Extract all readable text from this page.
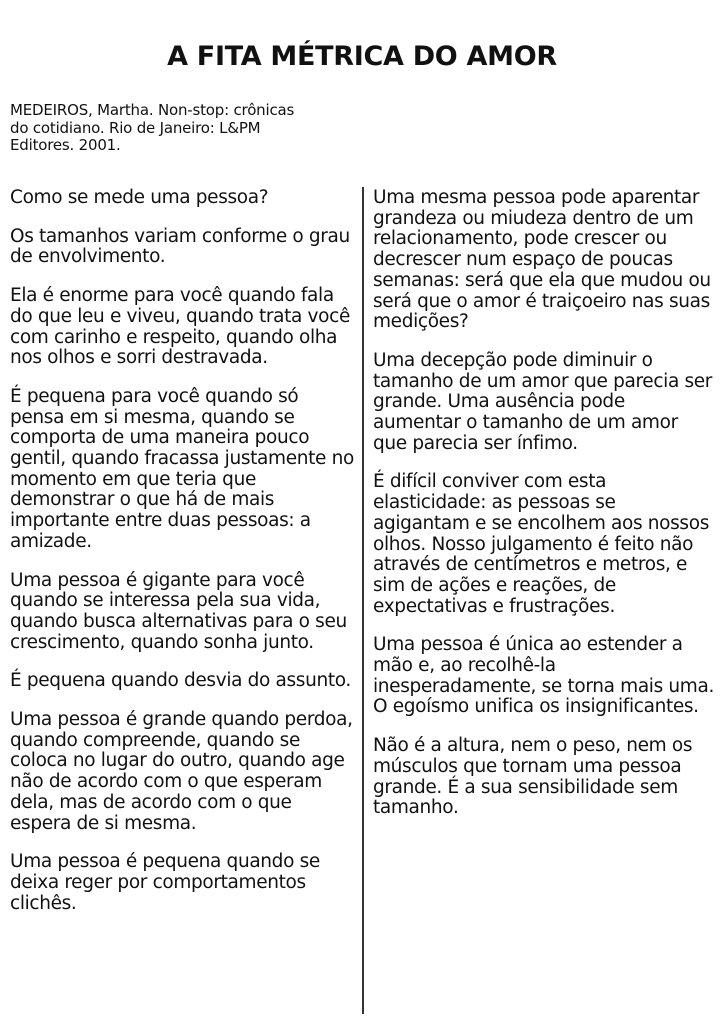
A FITA MÉTRICA DO AMOR

MEDEIROS, Martha. Non-stop: crônicas do cotidiano. Rio de Janeiro: L&PM Editores. 2001.

Como se mede uma pessoa?

Os tamanhos variam conforme o grau de envolvimento.

Ela é enorme para você quando fala do que leu e viveu, quando trata você com carinho e respeito, quando olha nos olhos e sorri destravada.

É pequena para você quando só pensa em si mesma, quando se comporta de uma maneira pouco gentil, quando fracassa justamente no momento em que teria que demonstrar o que há de mais importante entre duas pessoas: a amizade.

Uma pessoa é gigante para você quando se interessa pela sua vida, quando busca alternativas para o seu crescimento, quando sonha junto.

É pequena quando desvia do assunto.

Uma pessoa é grande quando perdoa, quando compreende, quando se coloca no lugar do outro, quando age não de acordo com o que esperam dela, mas de acordo com o que espera de si mesma.

Uma pessoa é pequena quando se deixa reger por comportamentos clichês.

Uma mesma pessoa pode aparentar grandeza ou miudeza dentro de um relacionamento, pode crescer ou decrescer num espaço de poucas semanas: será que ela que mudou ou será que o amor é traiçoeiro nas suas medições?

Uma decepção pode diminuir o tamanho de um amor que parecia ser grande. Uma ausência pode aumentar o tamanho de um amor que parecia ser ínfimo.

É difícil conviver com esta elasticidade: as pessoas se agigantam e se encolhem aos nossos olhos. Nosso julgamento é feito não através de centímetros e metros, e sim de ações e reações, de expectativas e frustrações.

Uma pessoa é única ao estender a mão e, ao recolhê-la inesperadamente, se torna mais uma. O egoísmo unifica os insignificantes.

Não é a altura, nem o peso, nem os músculos que tornam uma pessoa grande. É a sua sensibilidade sem tamanho.
